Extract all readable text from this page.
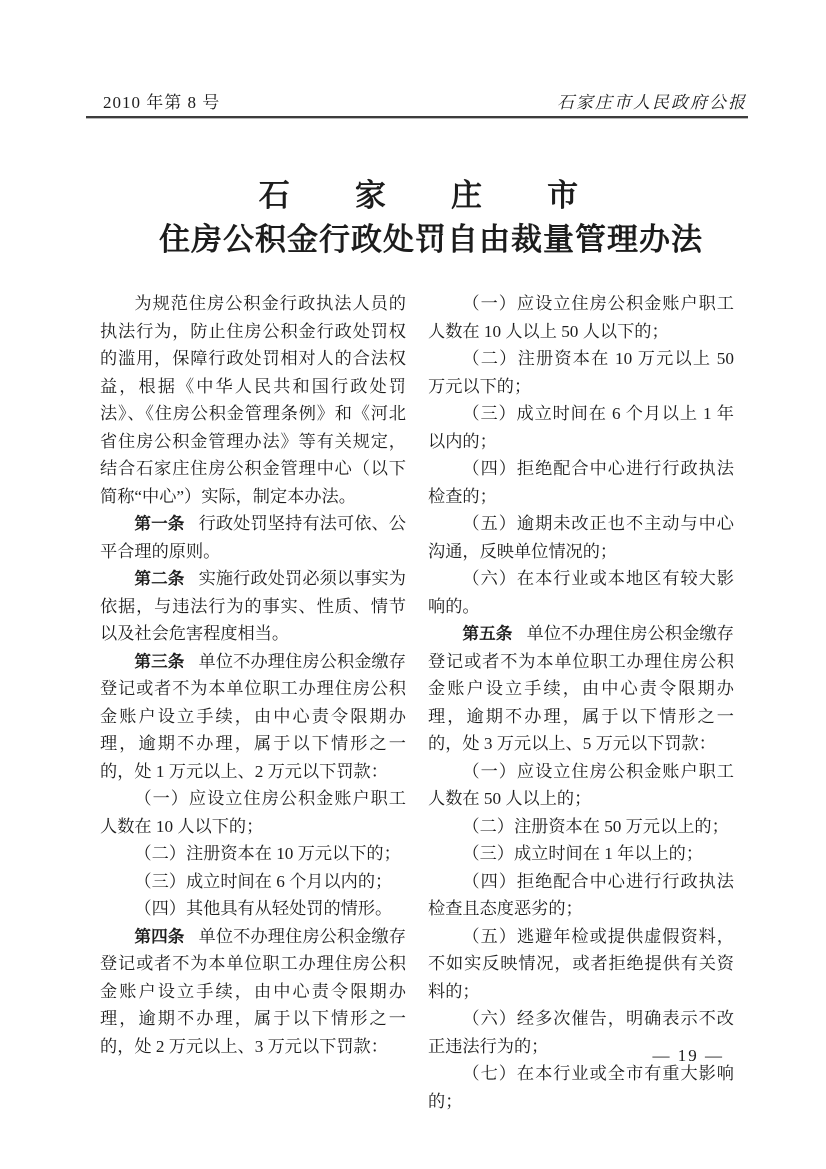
2010 年第 8 号	石家庄市人民政府公报
石家庄市
住房公积金行政处罚自由裁量管理办法

为规范住房公积金行政执法人员的执法行为，防止住房公积金行政处罚权的滥用，保障行政处罚相对人的合法权益，根据《中华人民共和国行政处罚法》、《住房公积金管理条例》和《河北省住房公积金管理办法》等有关规定，结合石家庄住房公积金管理中心（以下简称“中心”）实际，制定本办法。

第一条 行政处罚坚持有法可依、公平合理的原则。

第二条 实施行政处罚必须以事实为依据，与违法行为的事实、性质、情节以及社会危害程度相当。

第三条 单位不办理住房公积金缴存登记或者不为本单位职工办理住房公积金账户设立手续，由中心责令限期办理，逾期不办理，属于以下情形之一的，处 1 万元以上、2 万元以下罚款：

（一）应设立住房公积金账户职工人数在 10 人以下的；

（二）注册资本在 10 万元以下的；

（三）成立时间在 6 个月以内的；

（四）其他具有从轻处罚的情形。

第四条 单位不办理住房公积金缴存登记或者不为本单位职工办理住房公积金账户设立手续，由中心责令限期办理，逾期不办理，属于以下情形之一的，处 2 万元以上、3 万元以下罚款：

（一）应设立住房公积金账户职工人数在 10 人以上 50 人以下的；

（二）注册资本在 10 万元以上 50 万元以下的；

（三）成立时间在 6 个月以上 1 年以内的；

（四）拒绝配合中心进行行政执法检查的；

（五）逾期未改正也不主动与中心沟通，反映单位情况的；

（六）在本行业或本地区有较大影响的。

第五条 单位不办理住房公积金缴存登记或者不为本单位职工办理住房公积金账户设立手续，由中心责令限期办理，逾期不办理，属于以下情形之一的，处 3 万元以上、5 万元以下罚款：

（一）应设立住房公积金账户职工人数在 50 人以上的；

（二）注册资本在 50 万元以上的；

（三）成立时间在 1 年以上的；

（四）拒绝配合中心进行行政执法检查且态度恶劣的；

（五）逃避年检或提供虚假资料，不如实反映情况，或者拒绝提供有关资料的；

（六）经多次催告，明确表示不改正违法行为的；

（七）在本行业或全市有重大影响的；

— 19 —
